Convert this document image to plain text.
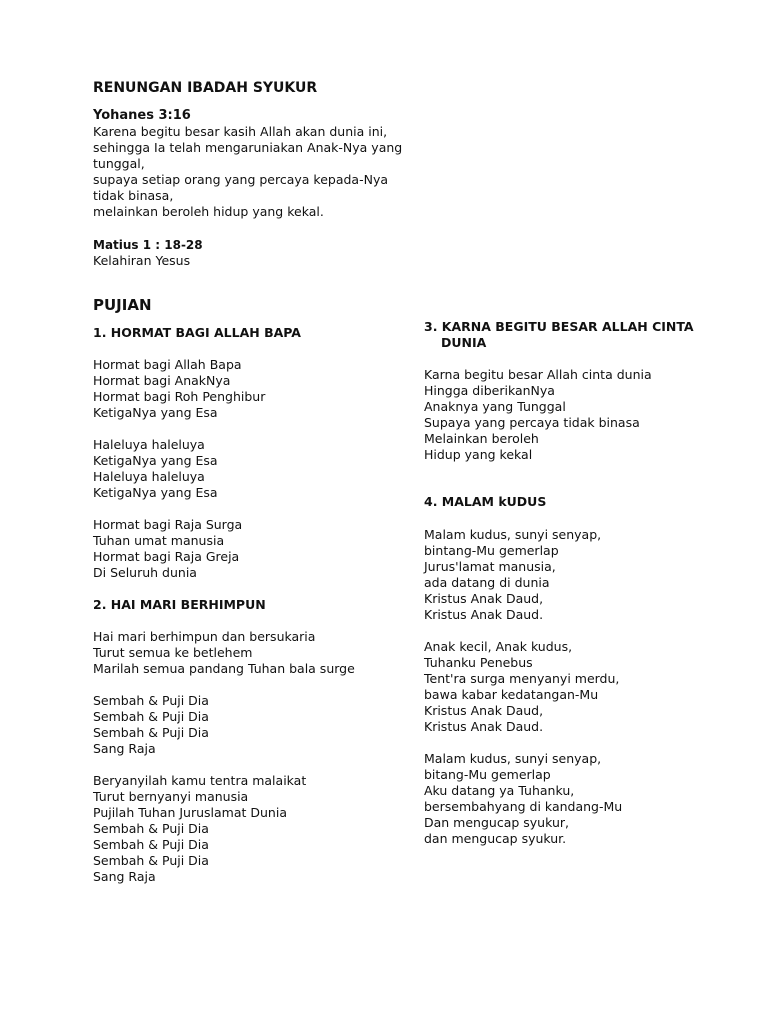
RENUNGAN IBADAH SYUKUR
Yohanes 3:16
Karena begitu besar kasih Allah akan dunia ini,
sehingga Ia telah mengaruniakan Anak-Nya yang
tunggal,
supaya setiap orang yang percaya kepada-Nya
tidak binasa,
melainkan beroleh hidup yang kekal.
Matius 1 : 18-28
Kelahiran Yesus
PUJIAN
1. HORMAT BAGI ALLAH BAPA
Hormat bagi Allah Bapa
Hormat bagi AnakNya
Hormat bagi Roh Penghibur
KetigaNya yang Esa
Haleluya haleluya
KetigaNya yang Esa
Haleluya haleluya
KetigaNya yang Esa
Hormat bagi Raja Surga
Tuhan umat manusia
Hormat bagi Raja Greja
Di Seluruh dunia
2. HAI MARI BERHIMPUN
Hai mari berhimpun dan bersukaria
Turut semua ke betlehem
Marilah semua pandang Tuhan bala surge
Sembah & Puji Dia
Sembah & Puji Dia
Sembah & Puji Dia
Sang Raja
Beryanyilah kamu tentra malaikat
Turut bernyanyi manusia
Pujilah Tuhan Juruslamat Dunia
Sembah & Puji Dia
Sembah & Puji Dia
Sembah & Puji Dia
Sang Raja
3. KARNA BEGITU BESAR ALLAH CINTA
DUNIA
Karna begitu besar Allah cinta dunia
Hingga diberikanNya
Anaknya yang Tunggal
Supaya yang percaya tidak binasa
Melainkan beroleh
Hidup yang kekal
4. MALAM kUDUS
Malam kudus, sunyi senyap,
bintang-Mu gemerlap
Jurus'lamat manusia,
ada datang di dunia
Kristus Anak Daud,
Kristus Anak Daud.
Anak kecil, Anak kudus,
Tuhanku Penebus
Tent'ra surga menyanyi merdu,
bawa kabar kedatangan-Mu
Kristus Anak Daud,
Kristus Anak Daud.
Malam kudus, sunyi senyap,
bitang-Mu gemerlap
Aku datang ya Tuhanku,
bersembahyang di kandang-Mu
Dan mengucap syukur,
dan mengucap syukur.
